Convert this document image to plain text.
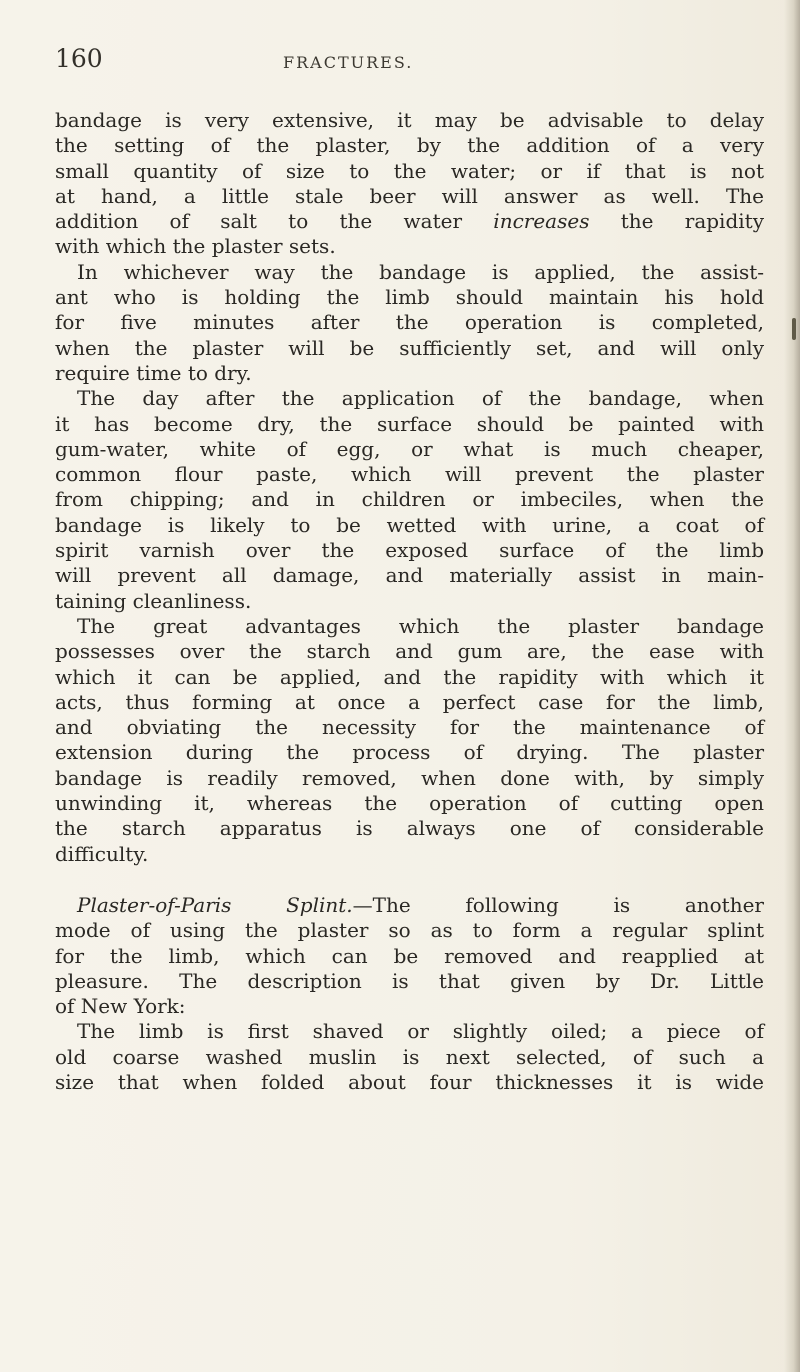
160	FRACTURES.
bandage is very extensive, it may be advisable to delay
the setting of the plaster, by the addition of a very
small quantity of size to the water; or if that is not
at hand, a little stale beer will answer as well. The
addition of salt to the water increases the rapidity
with which the plaster sets.
In whichever way the bandage is applied, the assist-
ant who is holding the limb should maintain his hold
for five minutes after the operation is completed,
when the plaster will be sufficiently set, and will only
require time to dry.
The day after the application of the bandage, when
it has become dry, the surface should be painted with
gum-water, white of egg, or what is much cheaper,
common flour paste, which will prevent the plaster
from chipping; and in children or imbeciles, when the
bandage is likely to be wetted with urine, a coat of
spirit varnish over the exposed surface of the limb
will prevent all damage, and materially assist in main-
taining cleanliness.
The great advantages which the plaster bandage
possesses over the starch and gum are, the ease with
which it can be applied, and the rapidity with which it
acts, thus forming at once a perfect case for the limb,
and obviating the necessity for the maintenance of
extension during the process of drying. The plaster
bandage is readily removed, when done with, by simply
unwinding it, whereas the operation of cutting open
the starch apparatus is always one of considerable
difficulty.
Plaster-of-Paris Splint.—The following is another
mode of using the plaster so as to form a regular splint
for the limb, which can be removed and reapplied at
pleasure. The description is that given by Dr. Little
of New York:
The limb is first shaved or slightly oiled; a piece of
old coarse washed muslin is next selected, of such a
size that when folded about four thicknesses it is wide
